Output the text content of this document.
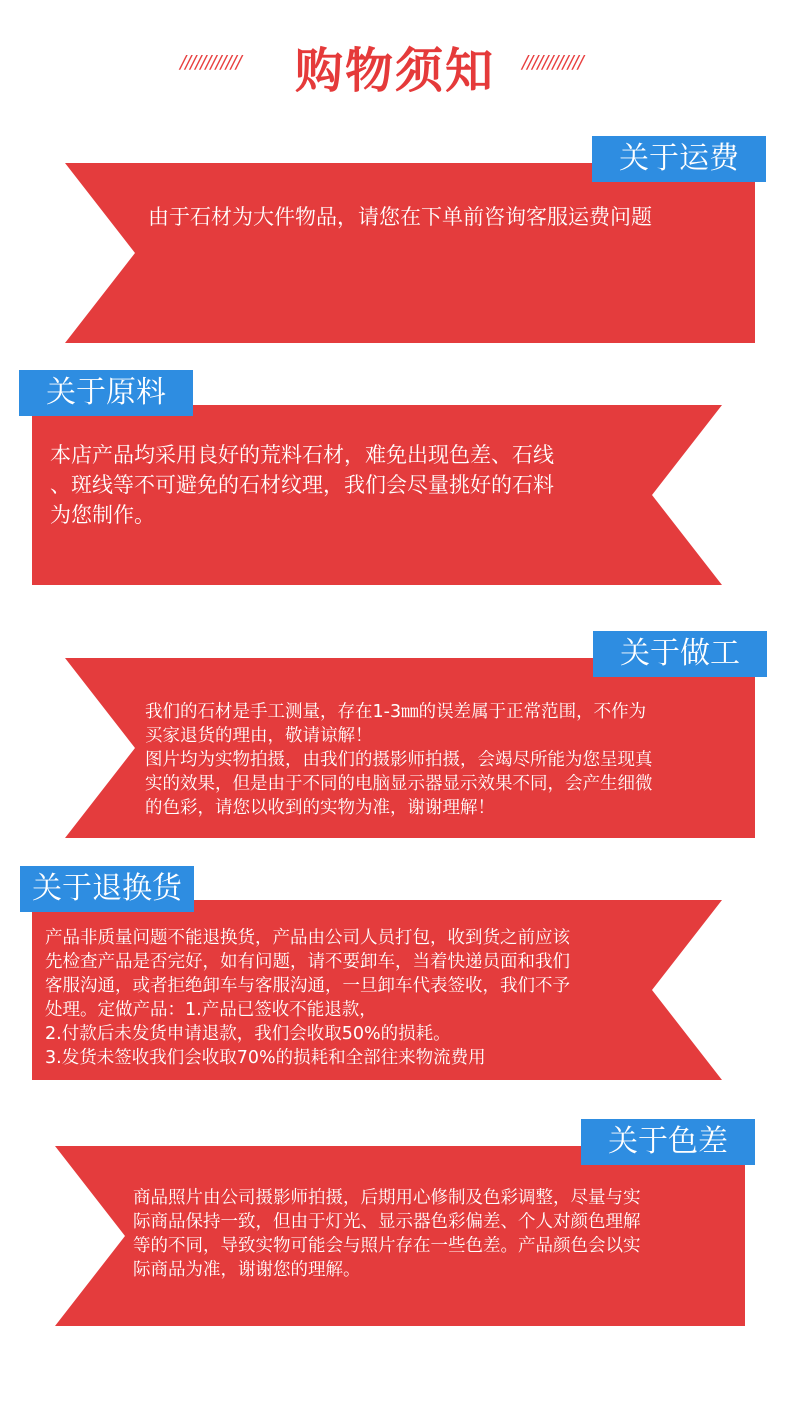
////////////	购物须知	////////////
关于运费
由于石材为大件物品，请您在下单前咨询客服运费问题
关于原料
本店产品均采用良好的荒料石材，难免出现色差、石线
、斑线等不可避免的石材纹理，我们会尽量挑好的石料
为您制作。
关于做工
我们的石材是手工测量，存在1-3㎜的误差属于正常范围，不作为
买家退货的理由，敬请谅解！
图片均为实物拍摄，由我们的摄影师拍摄，会竭尽所能为您呈现真
实的效果，但是由于不同的电脑显示器显示效果不同，会产生细微
的色彩，请您以收到的实物为准，谢谢理解！
关于退换货
产品非质量问题不能退换货，产品由公司人员打包，收到货之前应该
先检查产品是否完好，如有问题，请不要卸车，当着快递员面和我们
客服沟通，或者拒绝卸车与客服沟通，一旦卸车代表签收，我们不予
处理。定做产品：1.产品已签收不能退款，
2.付款后未发货申请退款，我们会收取50%的损耗。
3.发货未签收我们会收取70%的损耗和全部往来物流费用
关于色差
商品照片由公司摄影师拍摄，后期用心修制及色彩调整，尽量与实
际商品保持一致，但由于灯光、显示器色彩偏差、个人对颜色理解
等的不同，导致实物可能会与照片存在一些色差。产品颜色会以实
际商品为准，谢谢您的理解。
